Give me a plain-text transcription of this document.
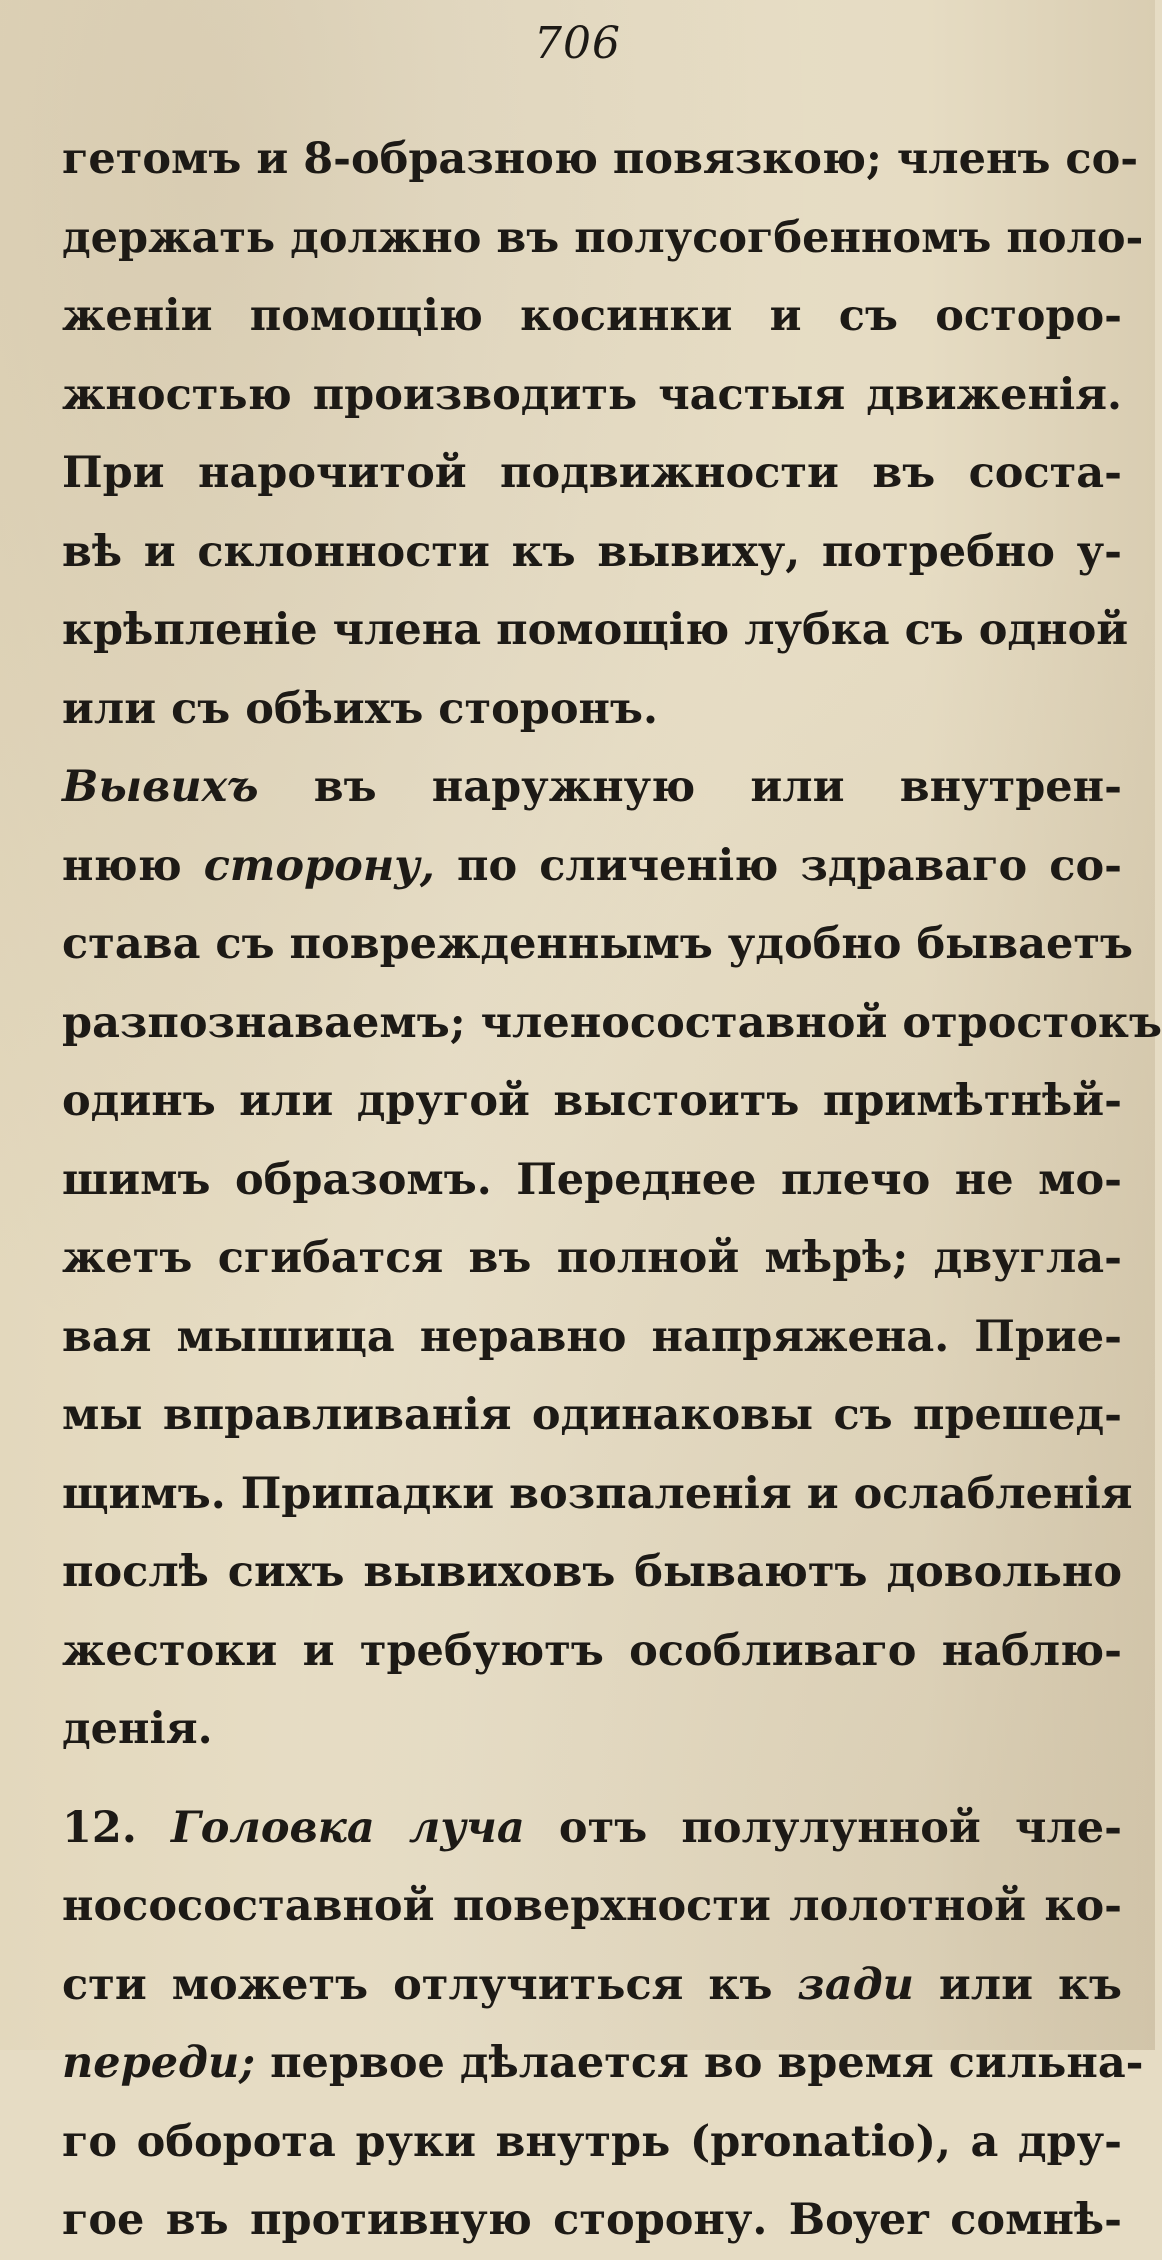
706
гетомъ и 8-образною повязкою; членъ со-
держать должно въ полусогбенномъ поло-
женіи помощію косинки и съ осторо-
жностью производить частыя движенія.
При нарочитой подвижности въ соста-
вѣ и склонности къ вывиху, потребно у-
крѣпленіе члена помощію лубка съ одной
или съ обѣихъ сторонъ.
Вывихъ въ наружную или внутрен-
нюю сторону, по сличенію здраваго со-
става съ поврежденнымъ удобно бываетъ
разпознаваемъ; членосоставной отростокъ
одинъ или другой выстоитъ примѣтнѣй-
шимъ образомъ. Переднее плечо не мо-
жетъ сгибатся въ полной мѣрѣ; двугла-
вая мышица неравно напряжена. Прие-
мы вправливанія одинаковы съ прешед-
щимъ. Припадки возпаленія и ослабленія
послѣ сихъ вывиховъ бываютъ довольно
жестоки и требуютъ особливаго наблю-
денія.
12. Головка луча отъ полулунной чле-
нососоставной поверхности лолотной ко-
сти можетъ отлучиться къ зади или къ
переди; первое дѣлается во время сильна-
го оборота руки внутрь (pronatio), а дру-
гое въ противную сторону. Boyer сомнѣ-
